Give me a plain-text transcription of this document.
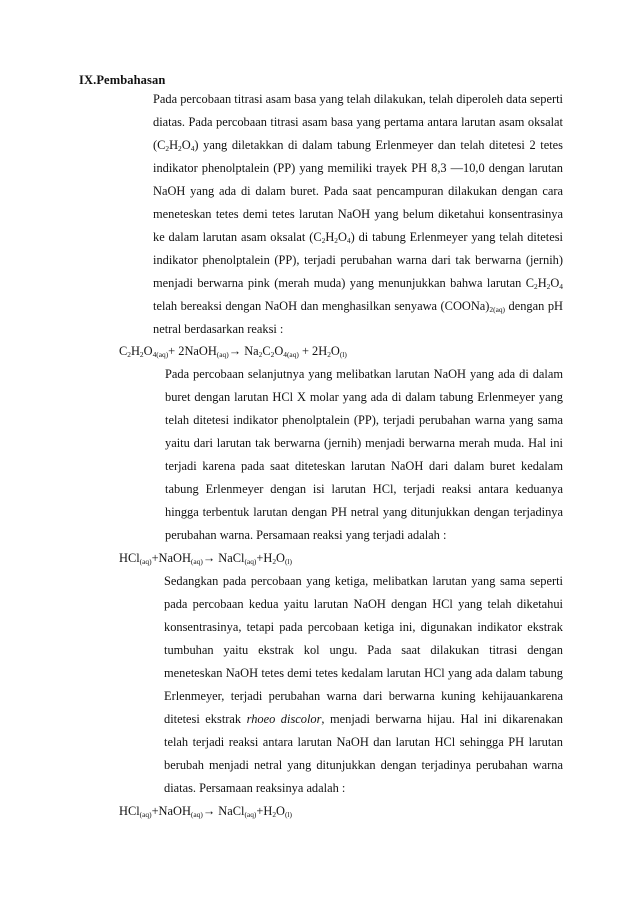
IX.Pembahasan

Pada percobaan titrasi asam basa yang telah dilakukan, telah diperoleh data seperti diatas. Pada percobaan titrasi asam basa yang pertama antara larutan asam oksalat $(C_2H_2O_4)$ yang diletakkan di dalam tabung Erlenmeyer dan telah ditetesi 2 tetes indikator phenolptalein (PP) yang memiliki trayek PH 8,3 —10,0 dengan larutan NaOH yang ada di dalam buret. Pada saat pencampuran dilakukan dengan cara meneteskan tetes demi tetes larutan NaOH yang belum diketahui konsentrasinya ke dalam larutan asam oksalat $(C_2H_2O_4)$ di tabung Erlenmeyer yang telah ditetesi indikator phenolptalein (PP), terjadi perubahan warna dari tak berwarna (jernih) menjadi berwarna pink (merah muda) yang menunjukkan bahwa larutan $C_2H_2O_4$ telah bereaksi dengan NaOH dan menghasilkan senyawa $(COONa)_{2(aq)}$ dengan pH netral berdasarkan reaksi :

$C_2H_2O_{4(aq)}+$ 2NaOH$_{(aq)}$→ $Na_2C_2O_{4(aq)} + 2H_2O_{(l)}$

Pada percobaan selanjutnya yang melibatkan larutan NaOH yang ada di dalam buret dengan larutan HCl X molar yang ada di dalam tabung Erlenmeyer yang telah ditetesi indikator phenolptalein (PP), terjadi perubahan warna yang sama yaitu dari larutan tak berwarna (jernih) menjadi berwarna merah muda. Hal ini terjadi karena pada saat diteteskan larutan NaOH dari dalam buret kedalam tabung Erlenmeyer dengan isi larutan HCl, terjadi reaksi antara keduanya hingga terbentuk larutan dengan PH netral yang ditunjukkan dengan terjadinya perubahan warna. Persamaan reaksi yang terjadi adalah :

HCl$_{(aq)}$+NaOH$_{(aq)}$→ $NaCl_{(aq)}+H_2O_{(l)}$

Sedangkan pada percobaan yang ketiga, melibatkan larutan yang sama seperti pada percobaan kedua yaitu larutan NaOH dengan HCl yang telah diketahui konsentrasinya, tetapi pada percobaan ketiga ini, digunakan indikator ekstrak tumbuhan yaitu ekstrak kol ungu. Pada saat dilakukan titrasi dengan meneteskan NaOH tetes demi tetes kedalam larutan HCl yang ada dalam tabung Erlenmeyer, terjadi perubahan warna dari berwarna kuning kehijauankarena ditetesi ekstrak rhoeo discolor, menjadi berwarna hijau. Hal ini dikarenakan telah terjadi reaksi antara larutan NaOH dan larutan HCl sehingga PH larutan berubah menjadi netral yang ditunjukkan dengan terjadinya perubahan warna diatas. Persamaan reaksinya adalah :

HCl$_{(aq)}$+NaOH$_{(aq)}$→ $NaCl_{(aq)}+H_2O_{(l)}$
